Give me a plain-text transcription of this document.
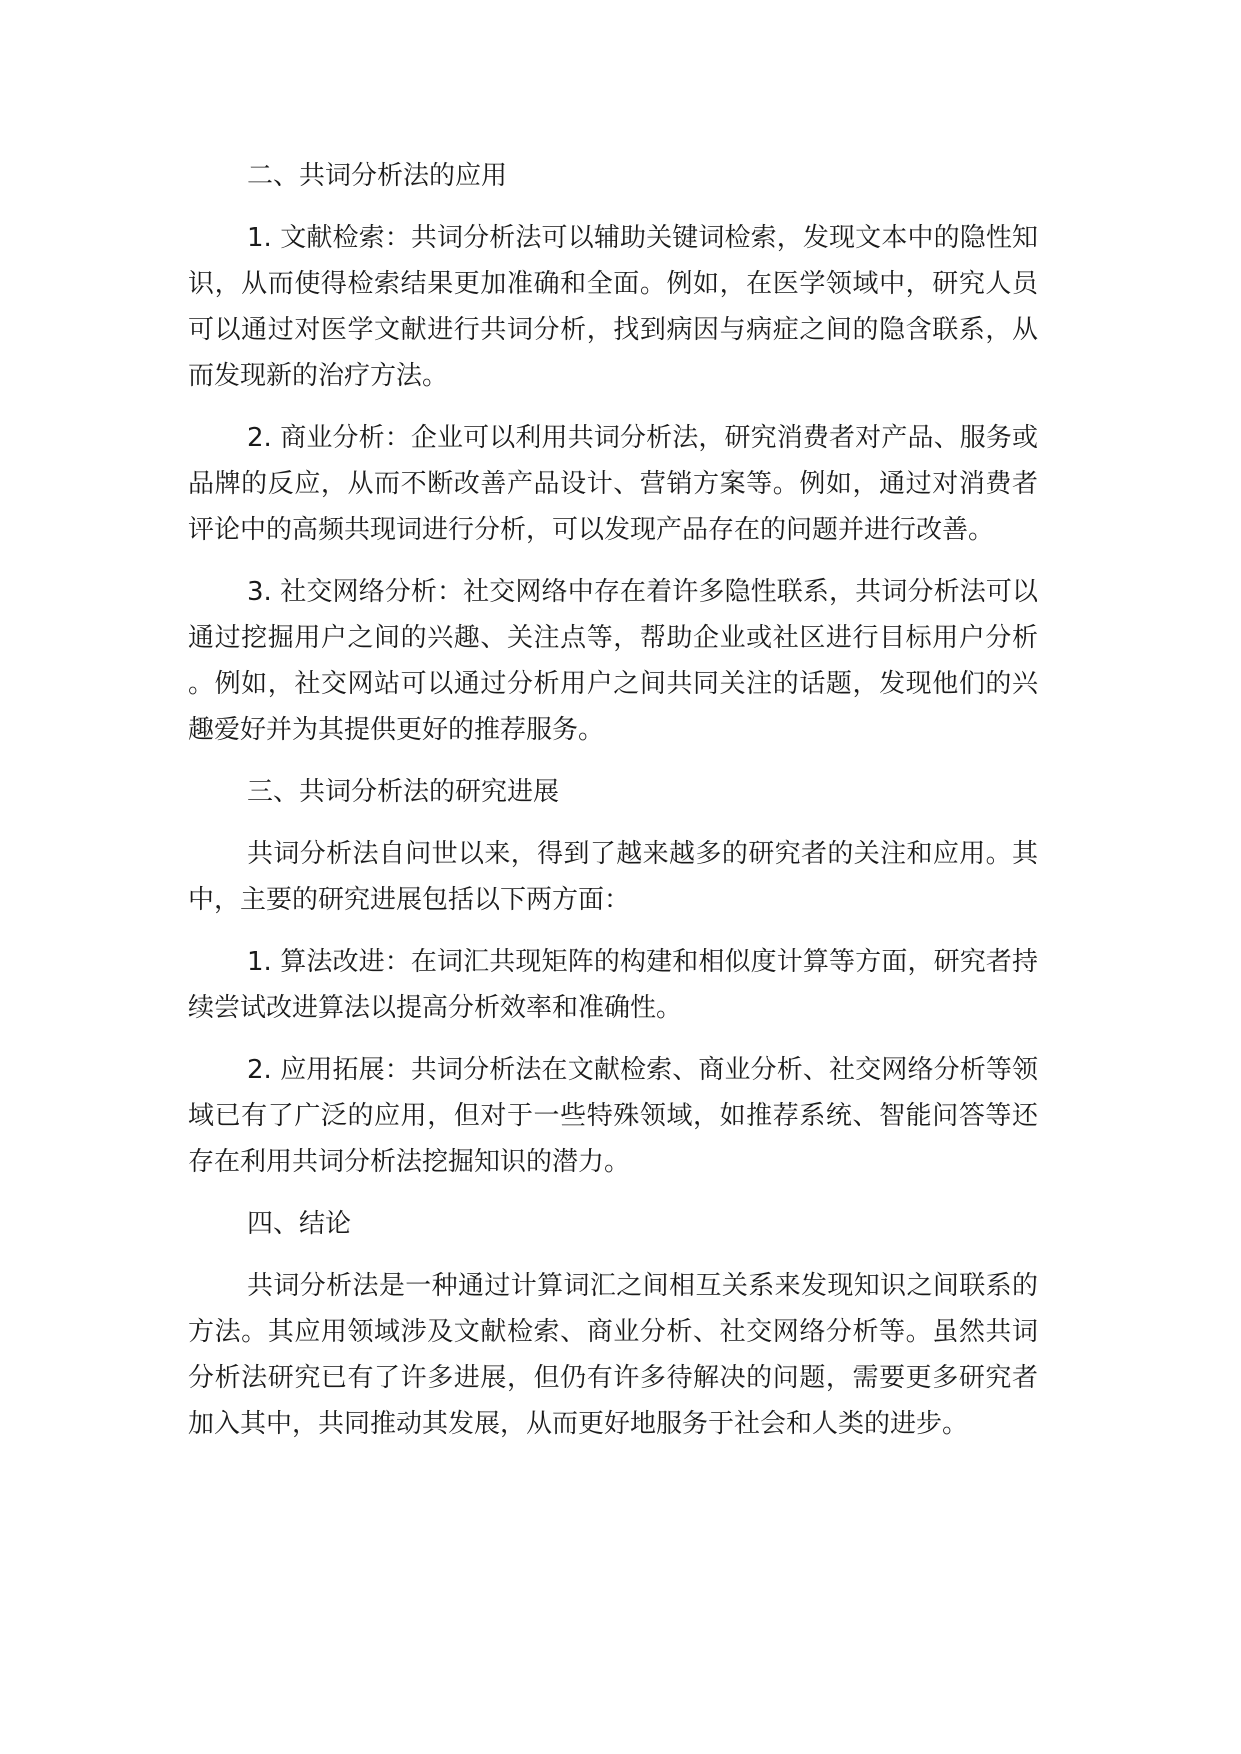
二、共词分析法的应用
1. 文献检索：共词分析法可以辅助关键词检索，发现文本中的隐性知识，从而使得检索结果更加准确和全面。例如，在医学领域中，研究人员可以通过对医学文献进行共词分析，找到病因与病症之间的隐含联系，从而发现新的治疗方法。
2. 商业分析：企业可以利用共词分析法，研究消费者对产品、服务或品牌的反应，从而不断改善产品设计、营销方案等。例如，通过对消费者评论中的高频共现词进行分析，可以发现产品存在的问题并进行改善。
3. 社交网络分析：社交网络中存在着许多隐性联系，共词分析法可以通过挖掘用户之间的兴趣、关注点等，帮助企业或社区进行目标用户分析。例如，社交网站可以通过分析用户之间共同关注的话题，发现他们的兴趣爱好并为其提供更好的推荐服务。
三、共词分析法的研究进展
共词分析法自问世以来，得到了越来越多的研究者的关注和应用。其中，主要的研究进展包括以下两方面：
1. 算法改进：在词汇共现矩阵的构建和相似度计算等方面，研究者持续尝试改进算法以提高分析效率和准确性。
2. 应用拓展：共词分析法在文献检索、商业分析、社交网络分析等领域已有了广泛的应用，但对于一些特殊领域，如推荐系统、智能问答等还存在利用共词分析法挖掘知识的潜力。
四、结论
共词分析法是一种通过计算词汇之间相互关系来发现知识之间联系的方法。其应用领域涉及文献检索、商业分析、社交网络分析等。虽然共词分析法研究已有了许多进展，但仍有许多待解决的问题，需要更多研究者加入其中，共同推动其发展，从而更好地服务于社会和人类的进步。
